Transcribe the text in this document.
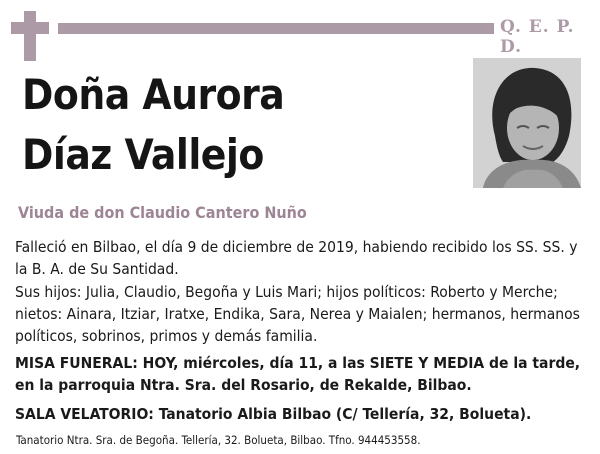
Q. E. P. D.
Doña Aurora
Díaz Vallejo
Viuda de don Claudio Cantero Nuño
Falleció en Bilbao, el día 9 de diciembre de 2019, habiendo recibido los SS. SS. y la B. A. de Su Santidad.
Sus hijos: Julia, Claudio, Begoña y Luis Mari; hijos políticos: Roberto y Merche; nietos: Ainara, Itziar, Iratxe, Endika, Sara, Nerea y Maialen; hermanos, hermanos políticos, sobrinos, primos y demás familia.
MISA FUNERAL: HOY, miércoles, día 11, a las SIETE Y MEDIA de la tarde, en la parroquia Ntra. Sra. del Rosario, de Rekalde, Bilbao.
SALA VELATORIO: Tanatorio Albia Bilbao (C/ Tellería, 32, Bolueta).
Tanatorio Ntra. Sra. de Begoña. Tellería, 32. Bolueta, Bilbao. Tfno. 944453558.
